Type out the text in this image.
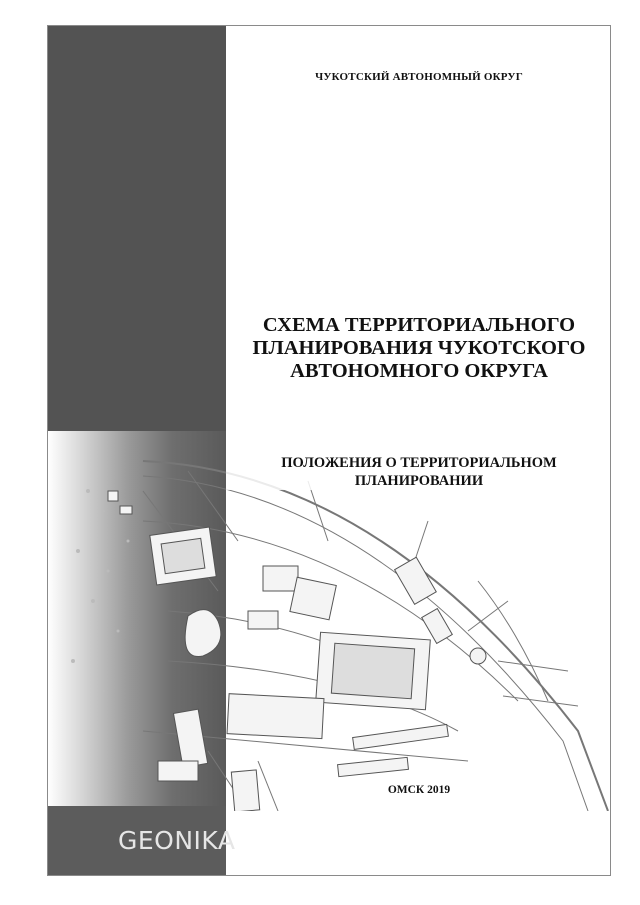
GEONIKA
ЧУКОТСКИЙ АВТОНОМНЫЙ ОКРУГ
СХЕМА ТЕРРИТОРИАЛЬНОГО
ПЛАНИРОВАНИЯ ЧУКОТСКОГО
АВТОНОМНОГО ОКРУГА
ПОЛОЖЕНИЯ О ТЕРРИТОРИАЛЬНОМ
ПЛАНИРОВАНИИ
ОМСК 2019
